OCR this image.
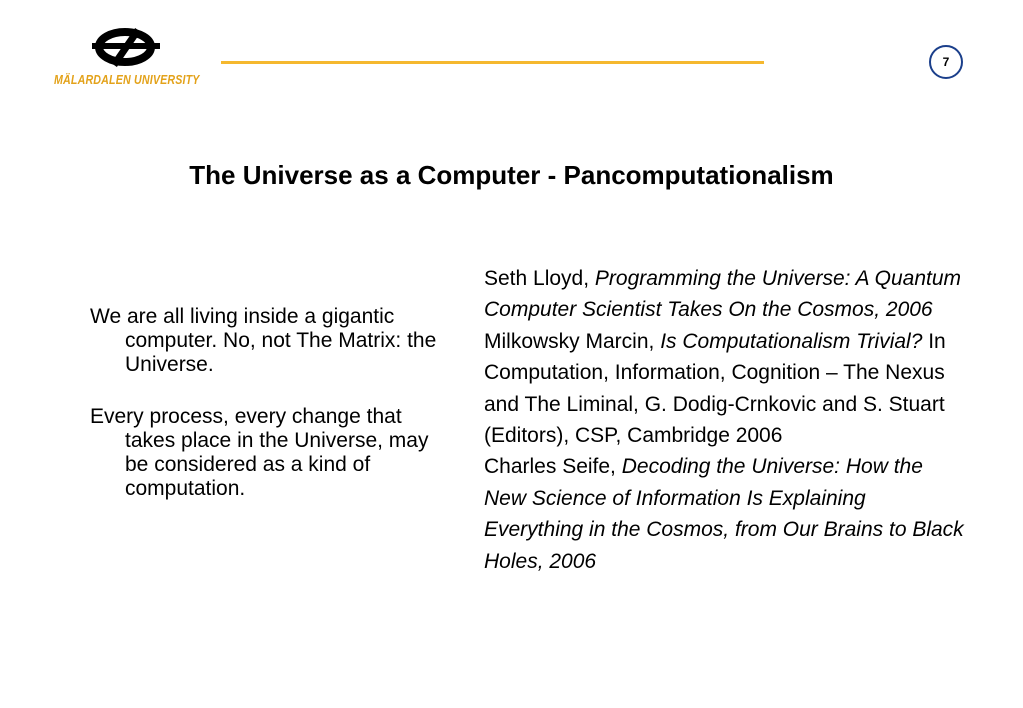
MÄLARDALEN UNIVERSITY
7
The Universe as a Computer - Pancomputationalism

We are all living inside a gigantic computer. No, not The Matrix: the Universe.

Every process, every change that takes place in the Universe, may be considered as a kind of computation.

Seth Lloyd, Programming the Universe: A Quantum Computer Scientist Takes On the Cosmos, 2006

Milkowsky Marcin, Is Computationalism Trivial? In Computation, Information, Cognition – The Nexus and The Liminal, G. Dodig-Crnkovic and S. Stuart (Editors), CSP, Cambridge 2006

Charles Seife, Decoding the Universe: How the New Science of Information Is Explaining Everything in the Cosmos, from Our Brains to Black Holes, 2006
